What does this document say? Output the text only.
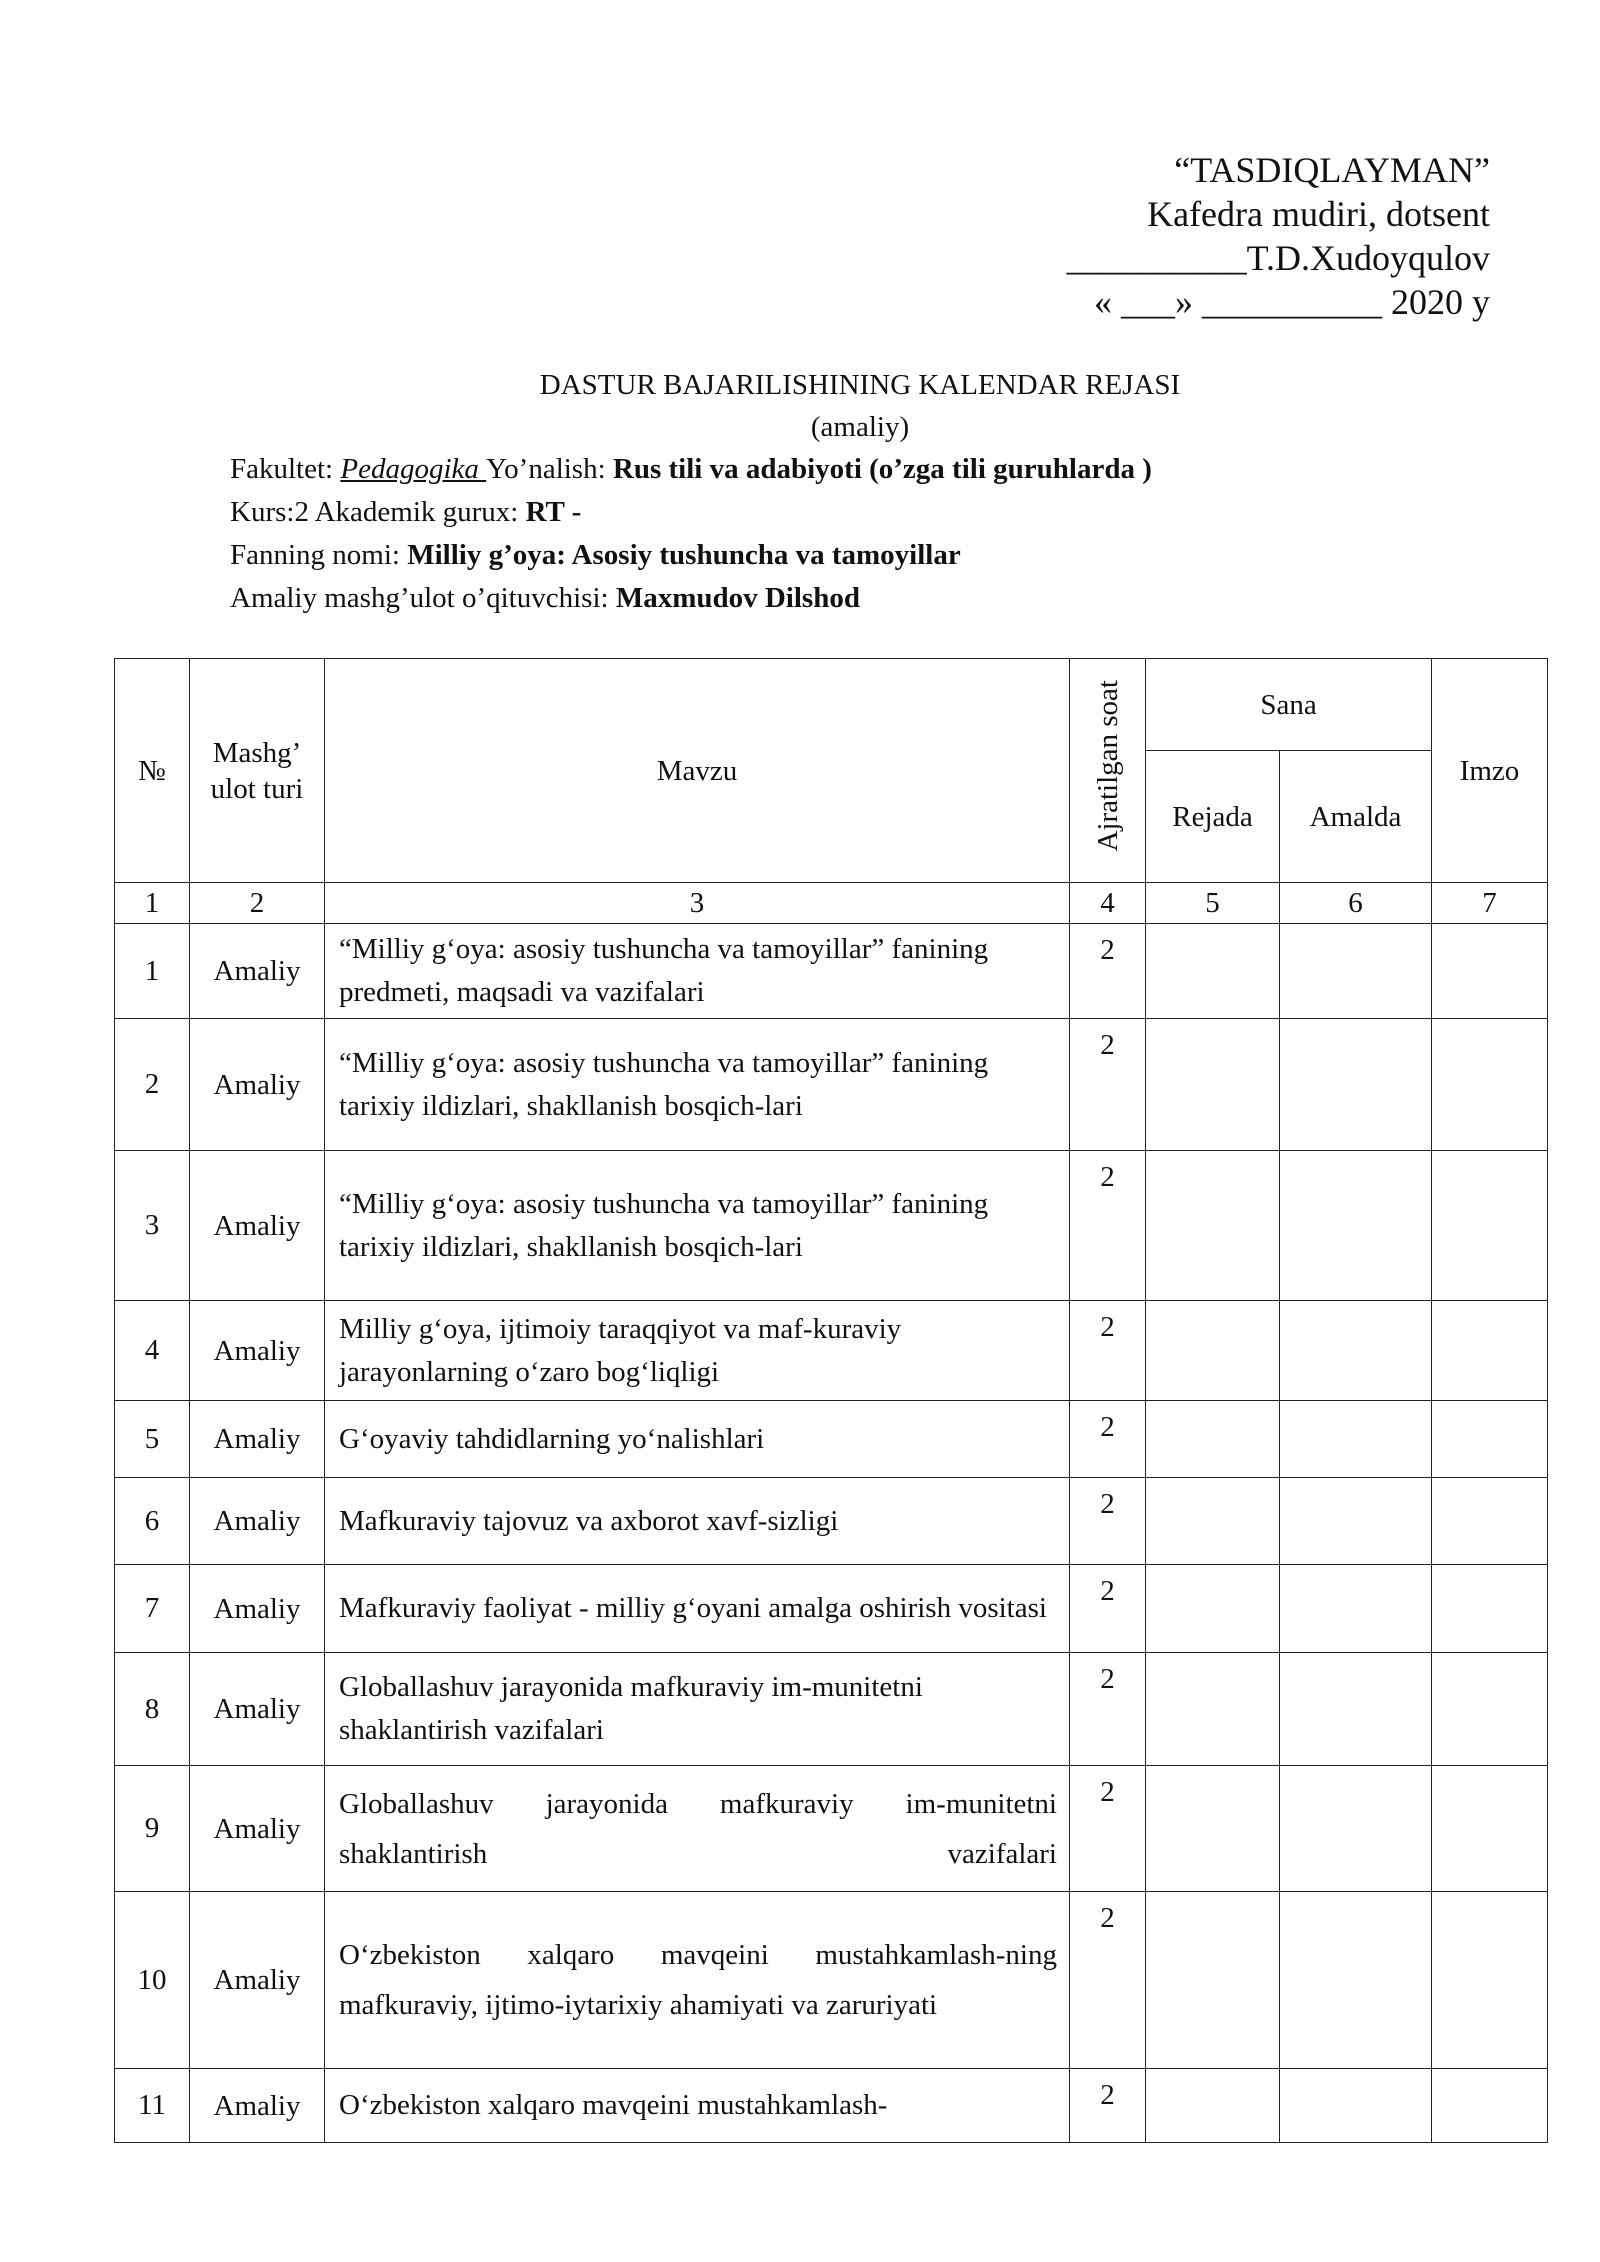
“TASDIQLAYMAN”
Kafedra mudiri, dotsent
__________T.D.Xudoyqulov
« ___» __________ 2020 y
DASTUR BAJARILISHINING KALENDAR REJASI
(amaliy)
Fakultet: Pedagogika Yo’nalish: Rus tili va adabiyoti (o’zga tili guruhlarda )
Kurs:2 Akademik gurux: RT -
Fanning nomi: Milliy g’oya: Asosiy tushuncha va tamoyillar
Amaliy mashg’ulot o’qituvchisi: Maxmudov Dilshod
№	Mashg’ ulot turi	Mavzu	Ajratilgan soat	Sana		Imzo
				Rejada	Amalda	
1	2	3	4	5	6	7
1	Amaliy	“Milliy g‘oya: asosiy tushuncha va tamoyillar” fanining predmeti, maqsadi va vazifalari	2			
2	Amaliy	“Milliy g‘oya: asosiy tushuncha va tamoyillar” fanining tarixiy ildizlari, shakllanish bosqich-lari	2			
3	Amaliy	“Milliy g‘oya: asosiy tushuncha va tamoyillar” fanining tarixiy ildizlari, shakllanish bosqich-lari	2			
4	Amaliy	Milliy g‘oya, ijtimoiy taraqqiyot va maf-kuraviy jarayonlarning o‘zaro bog‘liqligi	2			
5	Amaliy	G‘oyaviy tahdidlarning yo‘nalishlari	2			
6	Amaliy	Mafkuraviy tajovuz va axborot xavf-sizligi	2			
7	Amaliy	Mafkuraviy faoliyat - milliy g‘oyani amalga oshirish vositasi	2			
8	Amaliy	Globallashuv jarayonida mafkuraviy im-munitetni shaklantirish vazifalari	2			
9	Amaliy	Globallashuv jarayonida mafkuraviy im-munitetni shaklantirish vazifalari	2			
10	Amaliy	O‘zbekiston xalqaro mavqeini mustahkamlash-ning mafkuraviy, ijtimo-iytarixiy ahamiyati va zaruriyati	2			
11	Amaliy	O‘zbekiston xalqaro mavqeini mustahkamlash-	2			
